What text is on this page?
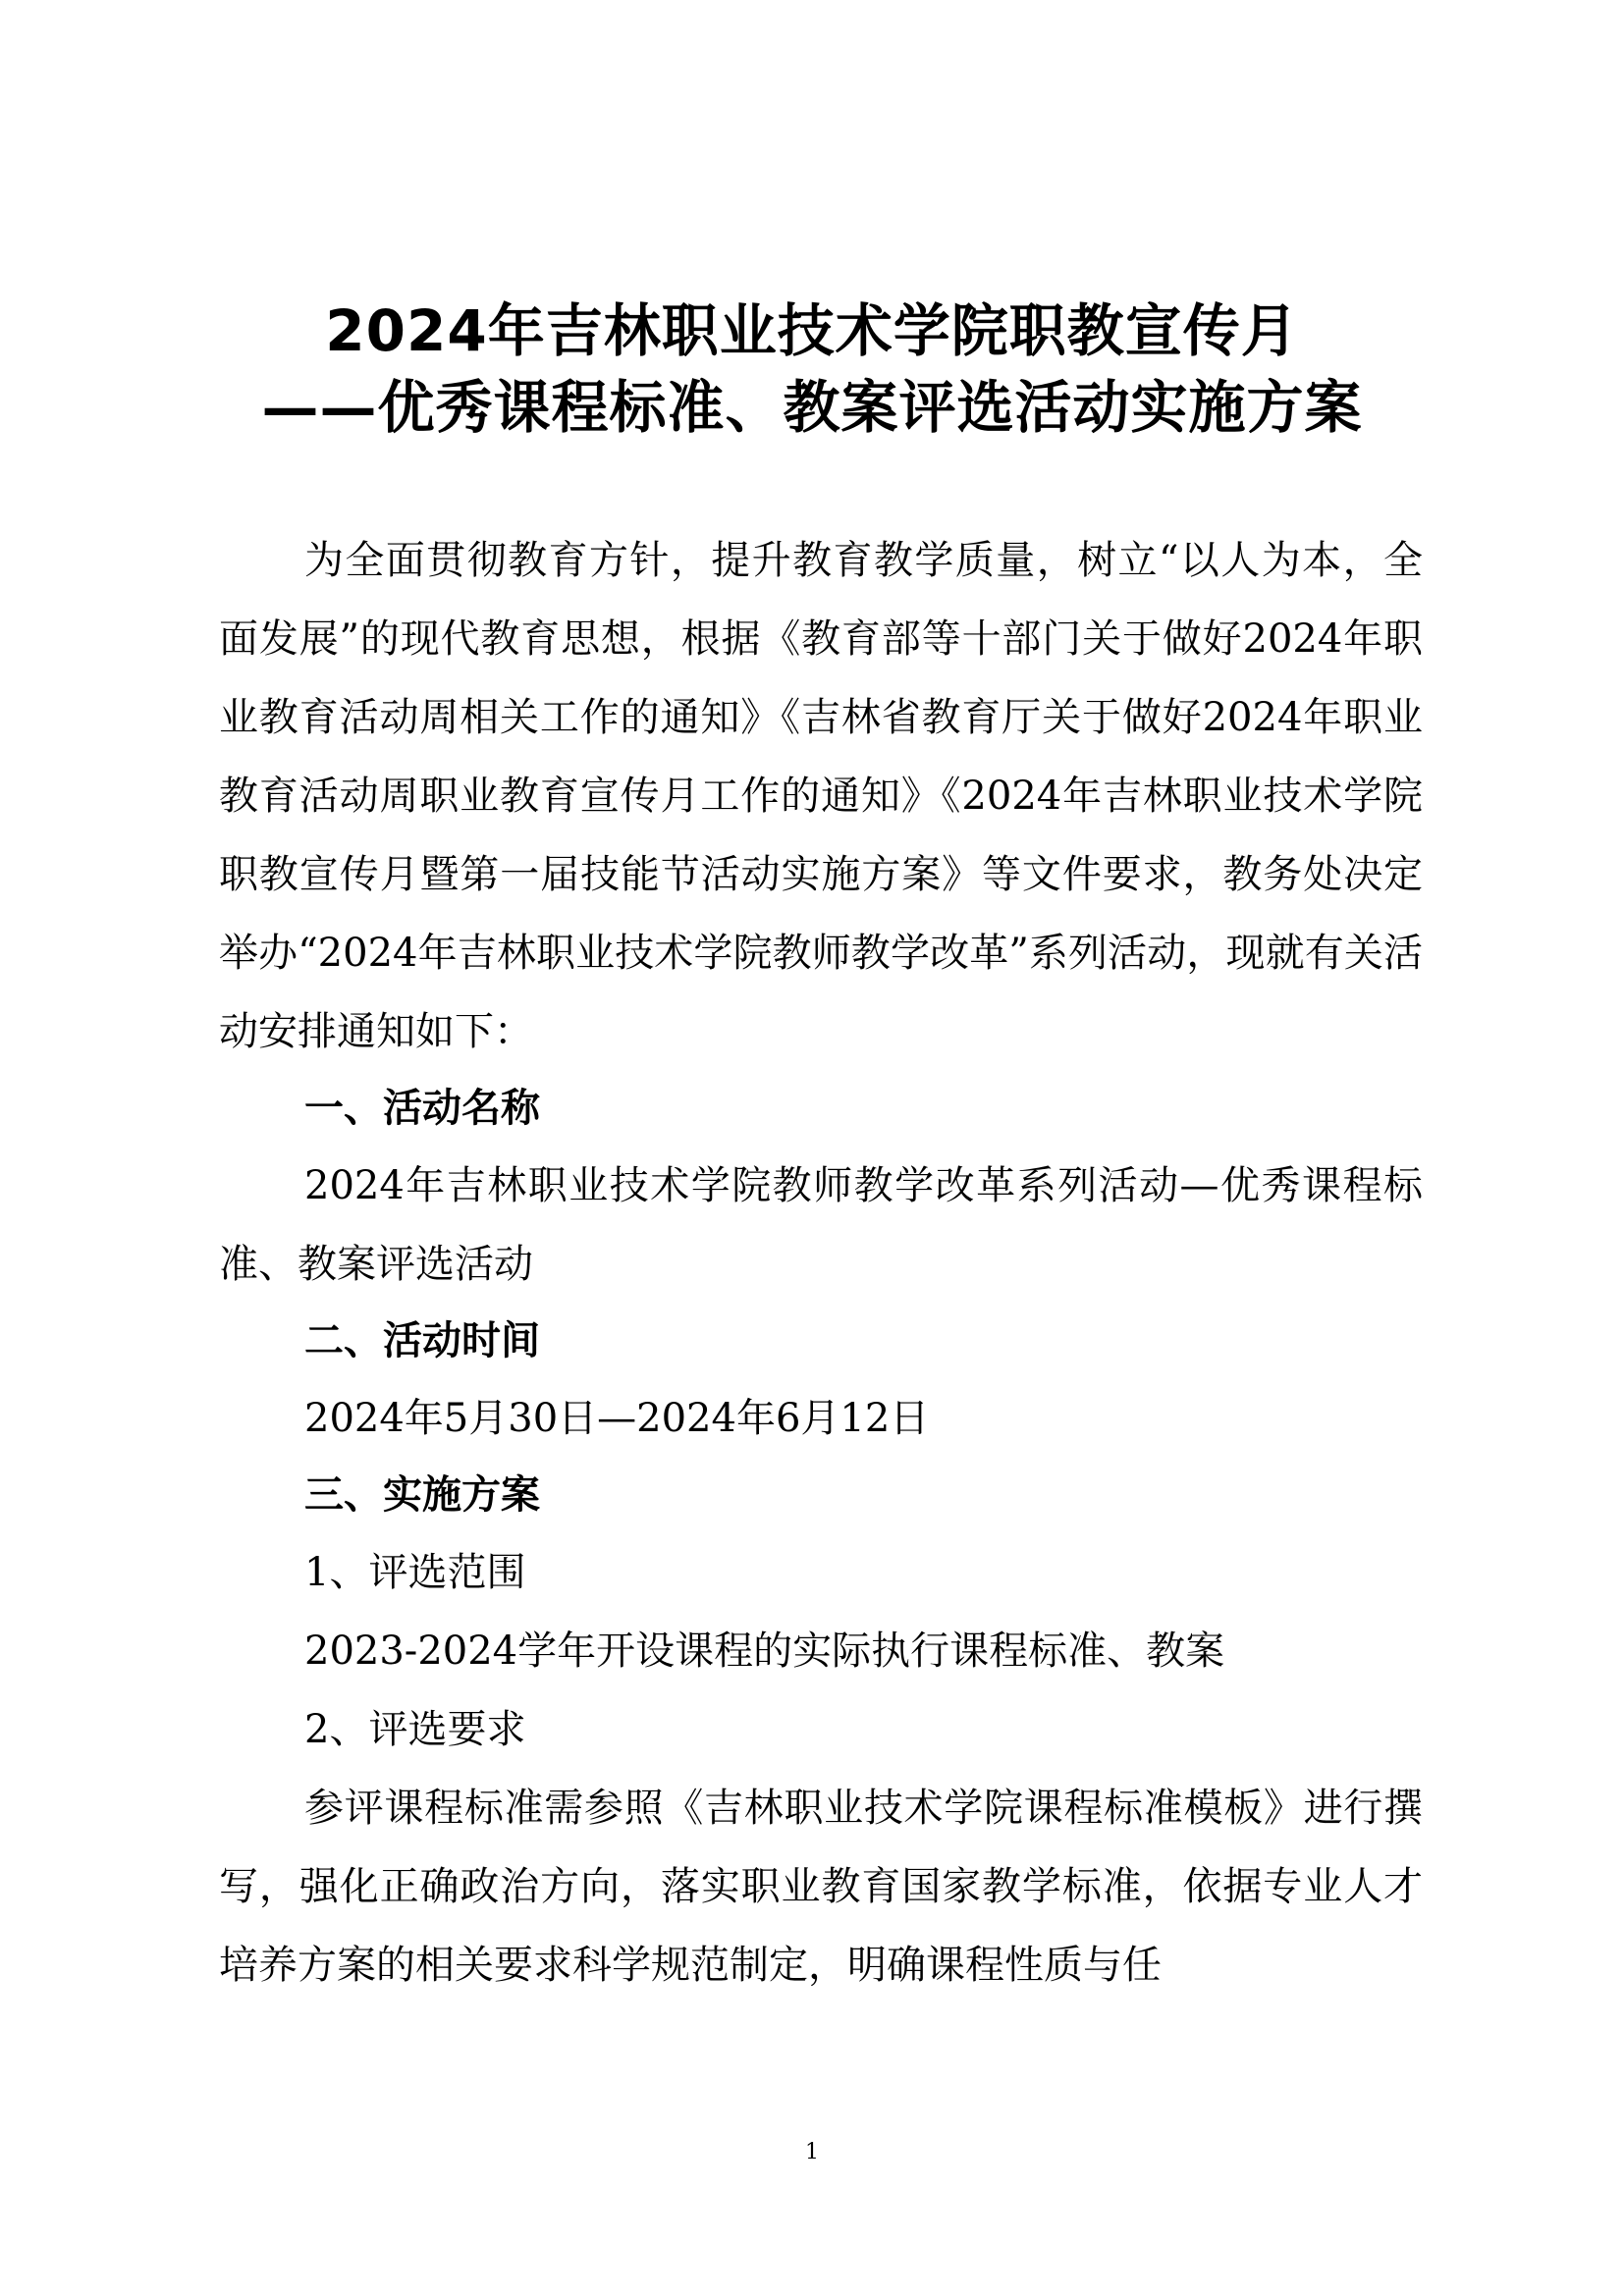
2024年吉林职业技术学院职教宣传月
——优秀课程标准、教案评选活动实施方案

为全面贯彻教育方针，提升教育教学质量，树立“以人为本，全面发展”的现代教育思想，根据《教育部等十部门关于做好2024年职业教育活动周相关工作的通知》《吉林省教育厅关于做好2024年职业教育活动周职业教育宣传月工作的通知》《2024年吉林职业技术学院职教宣传月暨第一届技能节活动实施方案》等文件要求，教务处决定举办“2024年吉林职业技术学院教师教学改革”系列活动，现就有关活动安排通知如下：

一、活动名称

2024年吉林职业技术学院教师教学改革系列活动—优秀课程标准、教案评选活动

二、活动时间

2024年5月30日—2024年6月12日

三、实施方案

1、评选范围

2023-2024学年开设课程的实际执行课程标准、教案

2、评选要求

参评课程标准需参照《吉林职业技术学院课程标准模板》进行撰写，强化正确政治方向，落实职业教育国家教学标准，依据专业人才培养方案的相关要求科学规范制定，明确课程性质与任

1
